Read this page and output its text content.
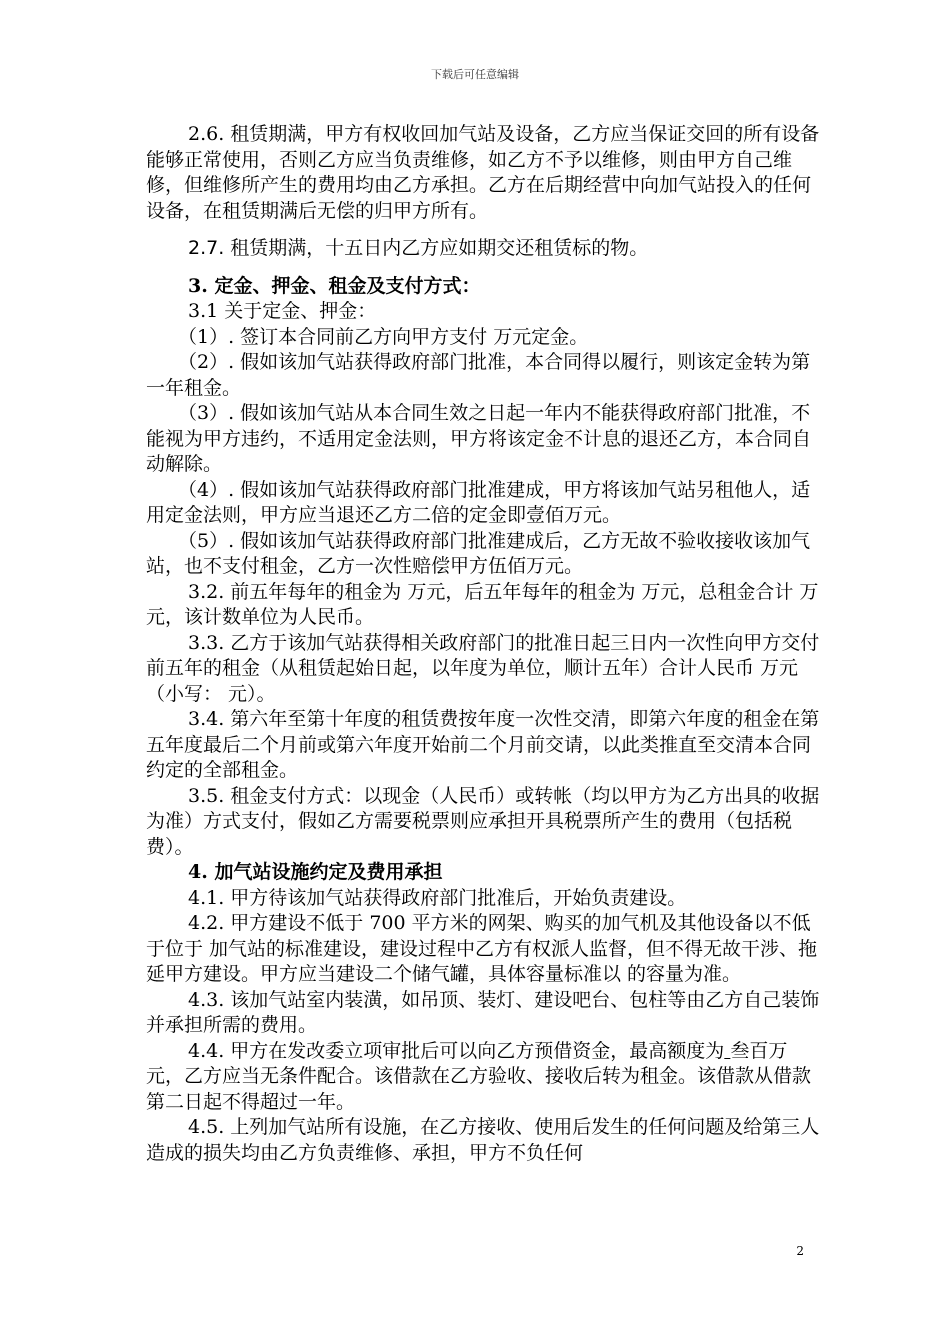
下载后可任意编辑

2.6. 租赁期满，甲方有权收回加气站及设备，乙方应当保证交回的所有设备能够正常使用，否则乙方应当负责维修，如乙方不予以维修，则由甲方自己维修，但维修所产生的费用均由乙方承担。乙方在后期经营中向加气站投入的任何设备，在租赁期满后无偿的归甲方所有。

2.7. 租赁期满，十五日内乙方应如期交还租赁标的物。

3. 定金、押金、租金及支付方式：

3.1 关于定金、押金：

（1）. 签订本合同前乙方向甲方支付 万元定金。

（2）. 假如该加气站获得政府部门批准，本合同得以履行，则该定金转为第一年租金。

（3）. 假如该加气站从本合同生效之日起一年内不能获得政府部门批准，不能视为甲方违约，不适用定金法则，甲方将该定金不计息的退还乙方，本合同自动解除。

（4）. 假如该加气站获得政府部门批准建成，甲方将该加气站另租他人，适用定金法则，甲方应当退还乙方二倍的定金即壹佰万元。

（5）. 假如该加气站获得政府部门批准建成后，乙方无故不验收接收该加气站，也不支付租金，乙方一次性赔偿甲方伍佰万元。

3.2. 前五年每年的租金为 万元，后五年每年的租金为 万元，总租金合计 万元，该计数单位为人民币。

3.3. 乙方于该加气站获得相关政府部门的批准日起三日内一次性向甲方交付前五年的租金（从租赁起始日起，以年度为单位，顺计五年）合计人民币 万元（小写： 元）。

3.4. 第六年至第十年度的租赁费按年度一次性交清，即第六年度的租金在第五年度最后二个月前或第六年度开始前二个月前交请，以此类推直至交清本合同约定的全部租金。

3.5. 租金支付方式：以现金（人民币）或转帐（均以甲方为乙方出具的收据为准）方式支付，假如乙方需要税票则应承担开具税票所产生的费用（包括税费）。

4. 加气站设施约定及费用承担

4.1. 甲方待该加气站获得政府部门批准后，开始负责建设。

4.2. 甲方建设不低于 700 平方米的网架、购买的加气机及其他设备以不低于位于 加气站的标准建设，建设过程中乙方有权派人监督，但不得无故干涉、拖延甲方建设。甲方应当建设二个储气罐，具体容量标准以 的容量为准。

4.3. 该加气站室内装潢，如吊顶、装灯、建设吧台、包柱等由乙方自己装饰并承担所需的费用。

4.4. 甲方在发改委立项审批后可以向乙方预借资金，最高额度为 叁百万元，乙方应当无条件配合。该借款在乙方验收、接收后转为租金。该借款从借款第二日起不得超过一年。

4.5. 上列加气站所有设施，在乙方接收、使用后发生的任何问题及给第三人造成的损失均由乙方负责维修、承担，甲方不负任何

2
